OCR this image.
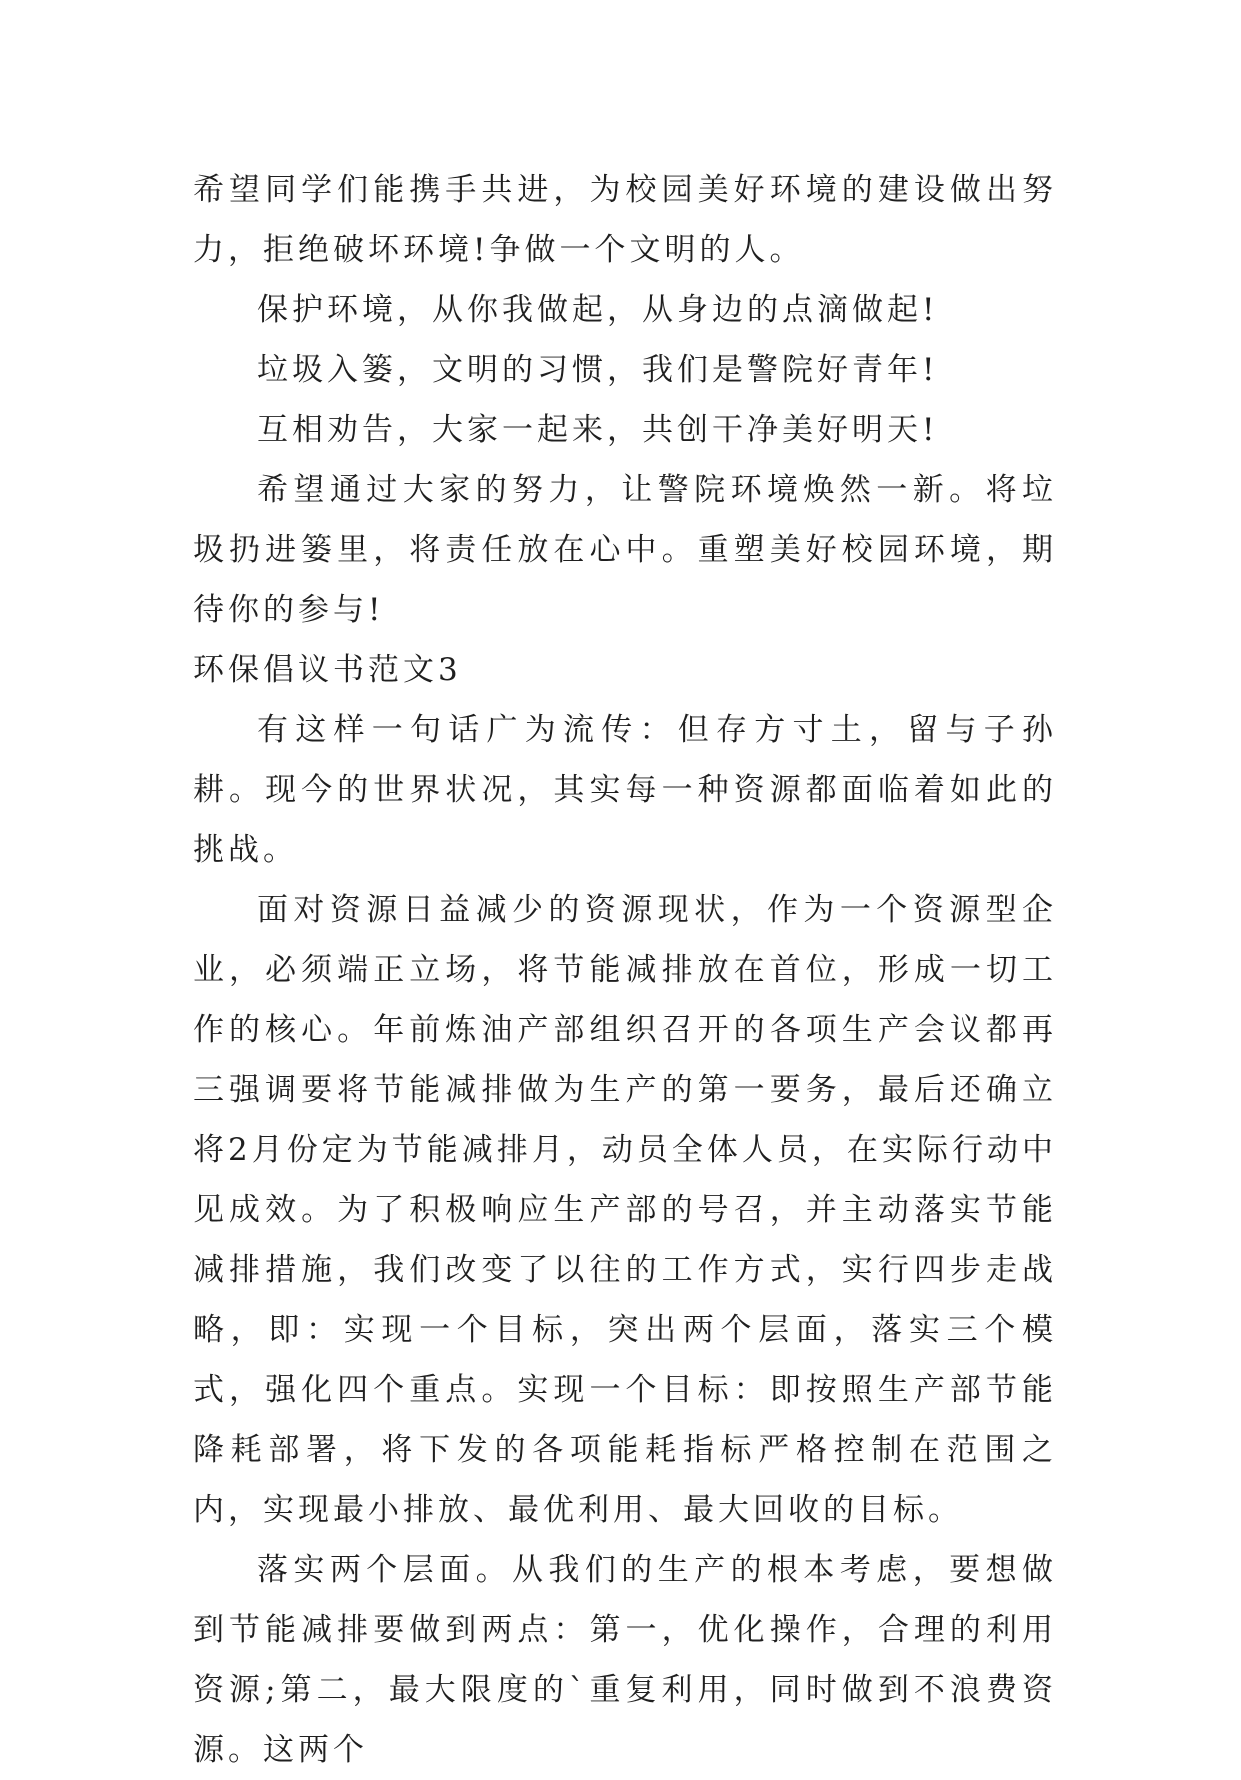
希望同学们能携手共进，为校园美好环境的建设做出努力，拒绝破坏环境!争做一个文明的人。

保护环境，从你我做起，从身边的点滴做起!

垃圾入篓，文明的习惯，我们是警院好青年!

互相劝告，大家一起来，共创干净美好明天!

希望通过大家的努力，让警院环境焕然一新。将垃圾扔进篓里，将责任放在心中。重塑美好校园环境，期待你的参与!

环保倡议书范文3

有这样一句话广为流传：但存方寸土，留与子孙耕。现今的世界状况，其实每一种资源都面临着如此的挑战。

面对资源日益减少的资源现状，作为一个资源型企业，必须端正立场，将节能减排放在首位，形成一切工作的核心。年前炼油产部组织召开的各项生产会议都再三强调要将节能减排做为生产的第一要务，最后还确立将2月份定为节能减排月，动员全体人员，在实际行动中见成效。为了积极响应生产部的号召，并主动落实节能减排措施，我们改变了以往的工作方式，实行四步走战略，即：实现一个目标，突出两个层面，落实三个模式，强化四个重点。实现一个目标：即按照生产部节能降耗部署，将下发的各项能耗指标严格控制在范围之内，实现最小排放、最优利用、最大回收的目标。

落实两个层面。从我们的生产的根本考虑，要想做到节能减排要做到两点：第一，优化操作，合理的利用资源;第二，最大限度的`重复利用，同时做到不浪费资源。这两个
